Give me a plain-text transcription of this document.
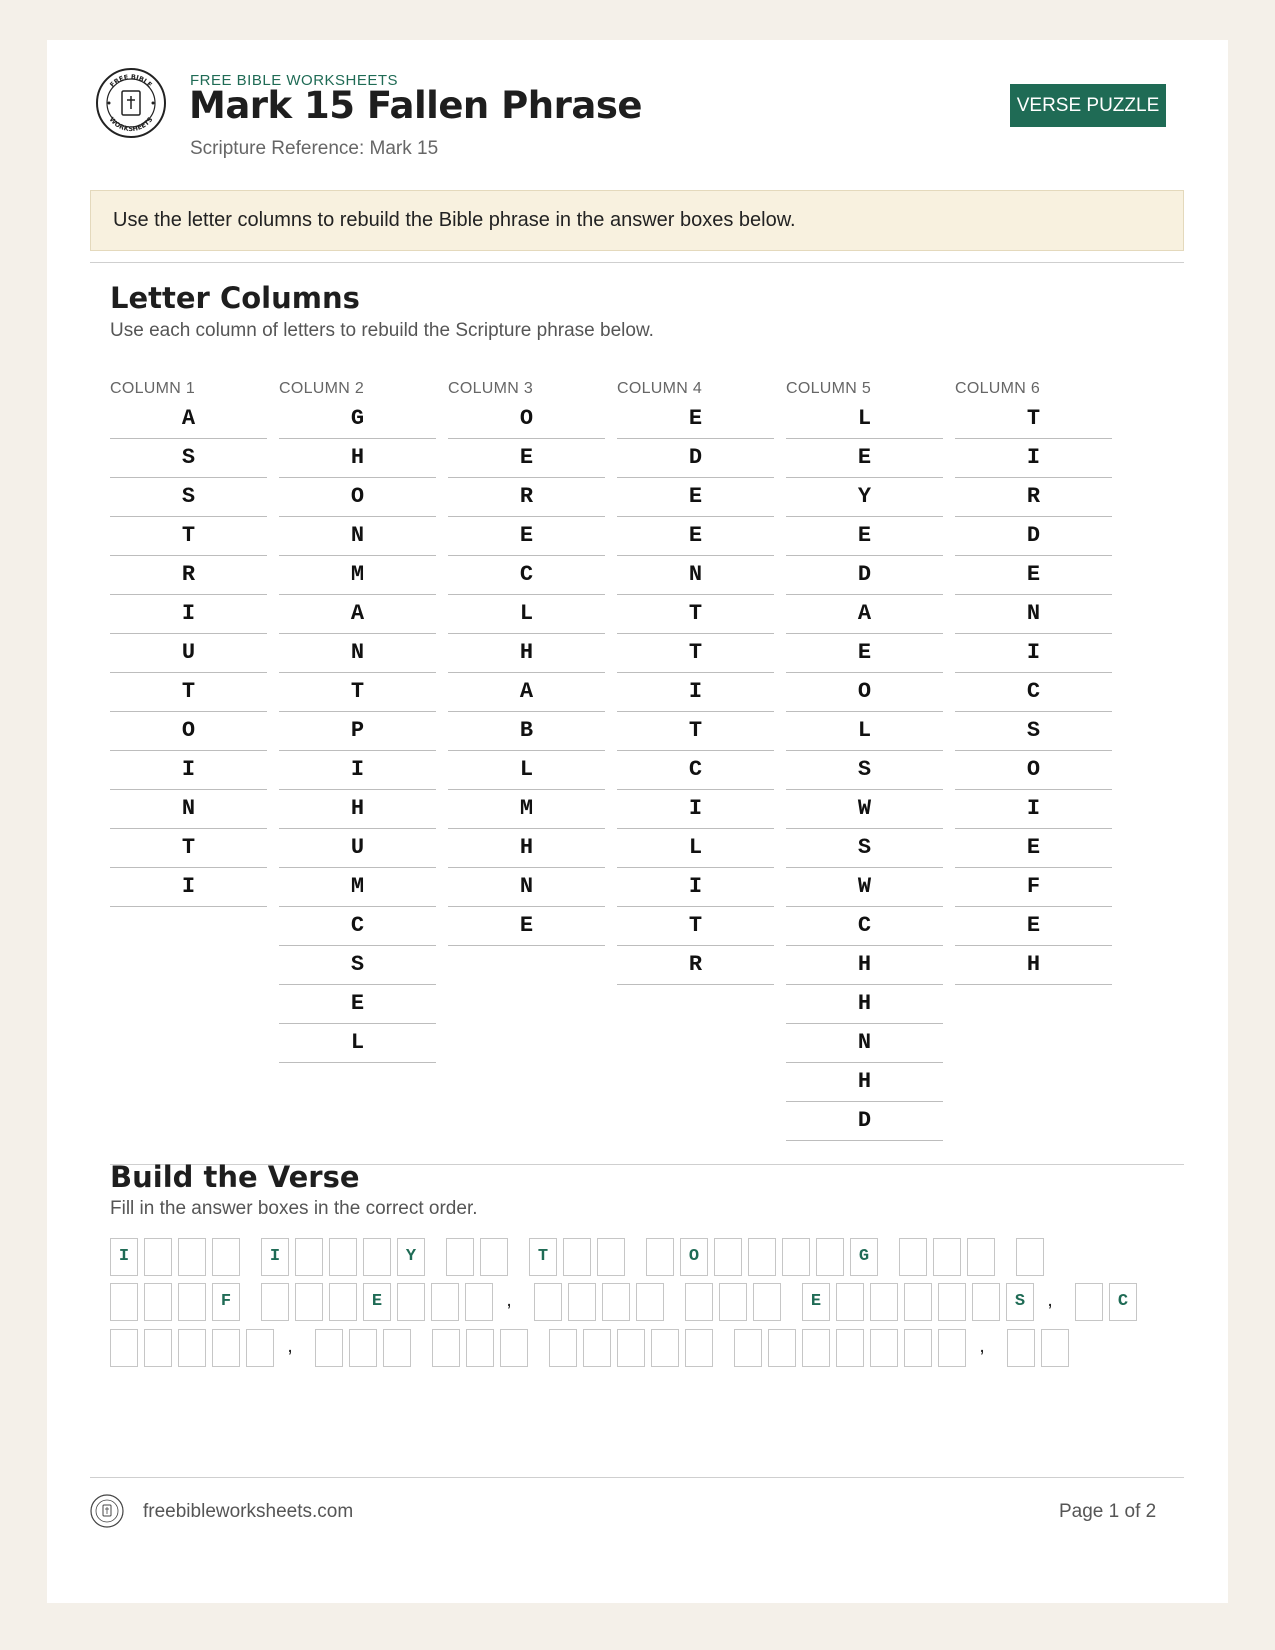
FREE BIBLE
WORKSHEETS
FREE BIBLE WORKSHEETS
Mark 15 Fallen Phrase
Scripture Reference: Mark 15
VERSE PUZZLE
Use the letter columns to rebuild the Bible phrase in the answer boxes below.
Letter Columns
Use each column of letters to rebuild the Scripture phrase below.
COLUMN 1
A
S
S
T
R
I
U
T
O
I
N
T
I
COLUMN 2
G
H
O
N
M
A
N
T
P
I
H
U
M
C
S
E
L
COLUMN 3
O
E
R
E
C
L
H
A
B
L
M
H
N
E
COLUMN 4
E
D
E
E
N
T
T
I
T
C
I
L
I
T
R
COLUMN 5
L
E
Y
E
D
A
E
O
L
S
W
S
W
C
H
H
N
H
D
COLUMN 6
T
I
R
D
E
N
I
C
S
O
I
E
F
E
H
Build the Verse
Fill in the answer boxes in the correct order.
I	I	Y	T	O	G
F	E	,	E	S	,	C
,	,
freebibleworksheets.com	Page 1 of 2
